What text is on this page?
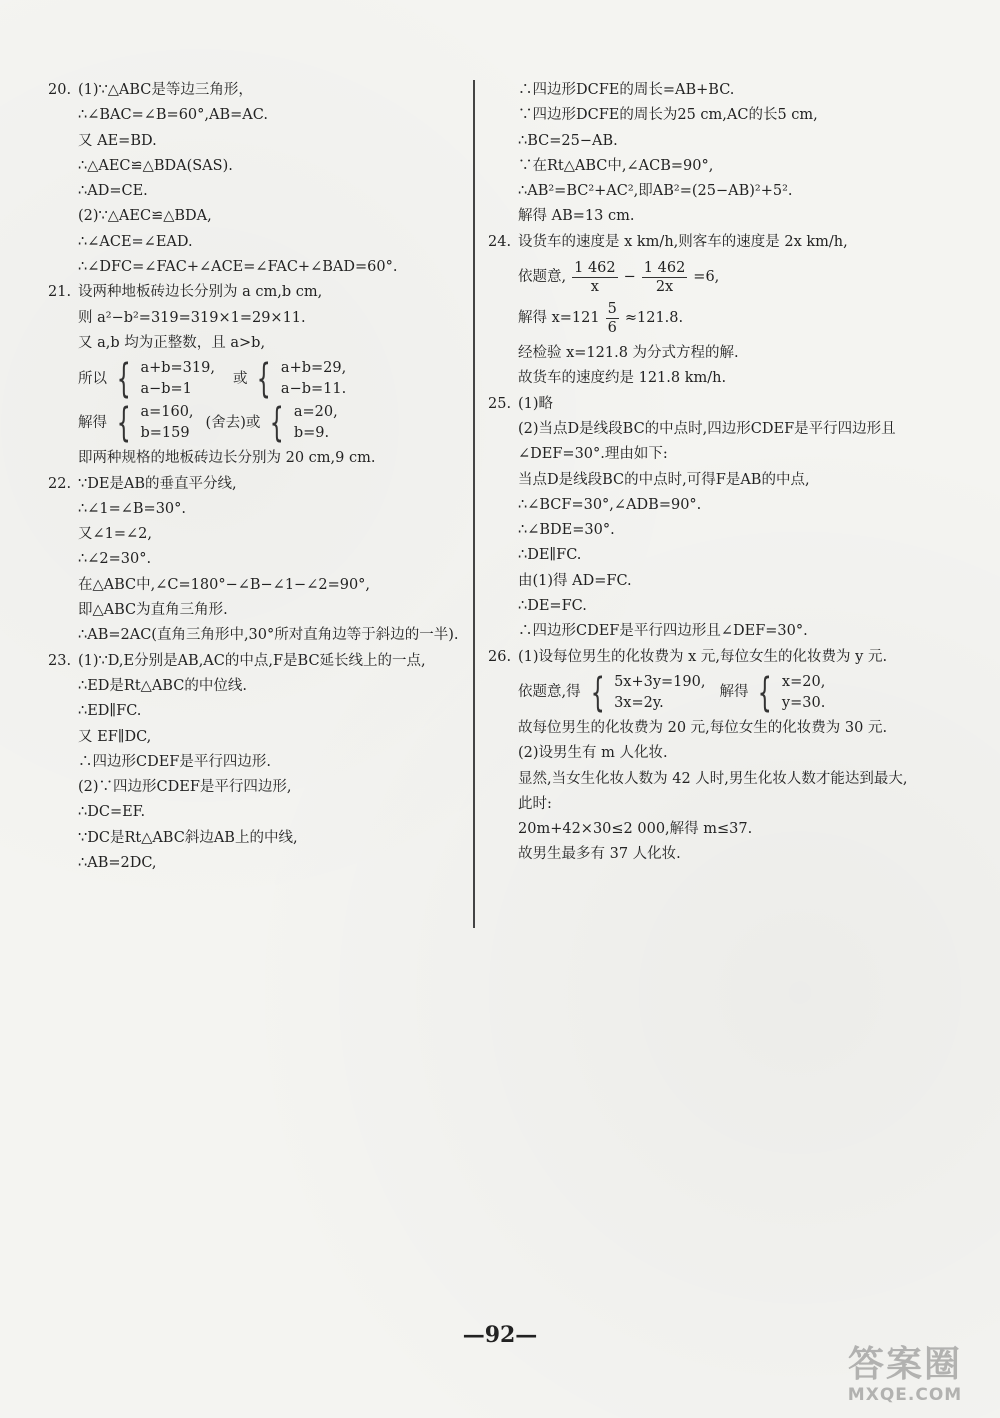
20. (1)∵△ABC是等边三角形，
∴∠BAC=∠B=60°,AB=AC.
又 AE=BD.
∴△AEC≌△BDA(SAS).
∴AD=CE.
(2)∵△AEC≌△BDA,
∴∠ACE=∠EAD.
∴∠DFC=∠FAC+∠ACE=∠FAC+∠BAD=60°.
21. 设两种地板砖边长分别为 a cm,b cm,
则 a²−b²=319=319×1=29×11.
又 a,b 均为正整数，且 a>b,
所以 { a+b=319,
a−b=1
或 { a+b=29,
a−b=11.
解得 { a=160,
b=159
(舍去)或 { a=20,
b=9.
即两种规格的地板砖边长分别为 20 cm,9 cm.
22. ∵DE是AB的垂直平分线,
∴∠1=∠B=30°.
又∠1=∠2,
∴∠2=30°.
在△ABC中,∠C=180°−∠B−∠1−∠2=90°,
即△ABC为直角三角形.
∴AB=2AC(直角三角形中,30°所对直角边等于斜边的一半).
23. (1)∵D,E分别是AB,AC的中点,F是BC延长线上的一点,
∴ED是Rt△ABC的中位线.
∴ED∥FC.
又 EF∥DC,
∴四边形CDEF是平行四边形.
(2)∵四边形CDEF是平行四边形,
∴DC=EF.
∵DC是Rt△ABC斜边AB上的中线,
∴AB=2DC,
∴四边形DCFE的周长=AB+BC.
∵四边形DCFE的周长为25 cm,AC的长5 cm,
∴BC=25−AB.
∵在Rt△ABC中,∠ACB=90°,
∴AB²=BC²+AC²,即AB²=(25−AB)²+5².
解得 AB=13 cm.
24. 设货车的速度是 x km/h,则客车的速度是 2x km/h,
依题意, $\frac{1 462}{x} - \frac{1 462}{2x} =6$,
解得 $x=121 \frac{5}{6} \approx 121.8$.
经检验 x=121.8 为分式方程的解.
故货车的速度约是 121.8 km/h.
25. (1)略
(2)当点D是线段BC的中点时,四边形CDEF是平行四边形且∠DEF=30°.理由如下:
当点D是线段BC的中点时,可得F是AB的中点,
∴∠BCF=30°,∠ADB=90°.
∴∠BDE=30°.
∴DE∥FC.
由(1)得 AD=FC.
∴DE=FC.
∴四边形CDEF是平行四边形且∠DEF=30°.
26. (1)设每位男生的化妆费为 x 元,每位女生的化妆费为 y 元.
依题意,得 { 5x+3y=190,
3x=2y.
解得 { x=20,
y=30.
故每位男生的化妆费为 20 元,每位女生的化妆费为 30 元.
(2)设男生有 m 人化妆.
显然,当女生化妆人数为 42 人时,男生化妆人数才能达到最大,此时:
20m+42×30≤2 000,解得 m≤37.
故男生最多有 37 人化妆.
—92—
答案圈
MXQE.COM
